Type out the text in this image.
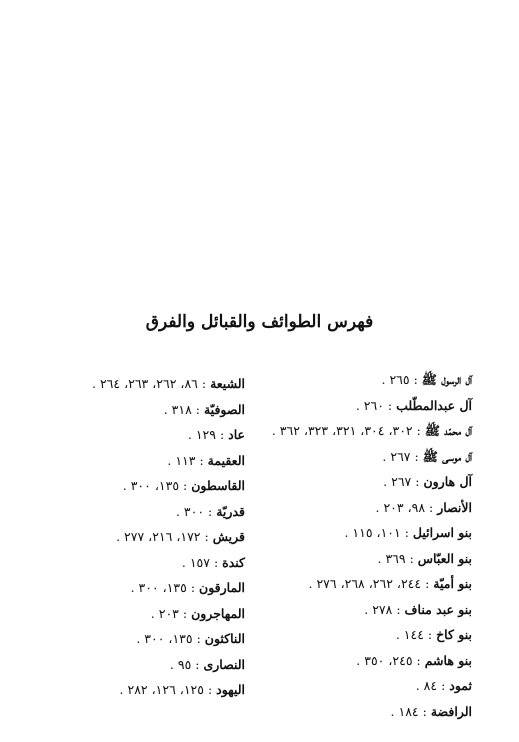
فهرس الطوائف والقبائل والفرق
آل الرسول ﷺ : ٢٦٥ .
آل عبدالمطّلب : ٢٦٠ .
آل محمّد ﷺ : ٣٠٢، ٣٠٤، ٣٢١، ٣٢٣، ٣٦٢ .
آل موسى ﷺ : ٢٦٧ .
آل هارون : ٢٦٧ .
الأنصار : ٩٨، ٢٠٣ .
بنو اسرائيل : ١٠١، ١١٥ .
بنو العبّاس : ٣٦٩ .
بنو أميّة : ٢٤٤، ٢٦٢، ٢٦٨، ٢٧٦ .
بنو عبد مناف : ٢٧٨ .
بنو كاخ : ١٤٤ .
بنو هاشم : ٢٤٥، ٣٥٠ .
ثمود : ٨٤ .
الرافضة : ١٨٤ .
الشيعة : ٨٦، ٢٦٢، ٢٦٣، ٢٦٤ .
الصوفيّة : ٣١٨ .
عاد : ١٢٩ .
العقيمة : ١١٣ .
القاسطون : ١٣٥، ٣٠٠ .
قدريّة : ٣٠٠ .
قريش : ١٧٢، ٢١٦، ٢٧٧ .
كندة : ١٥٧ .
المارقون : ١٣٥، ٣٠٠ .
المهاجرون : ٢٠٣ .
الناكثون : ١٣٥، ٣٠٠ .
النصارى : ٩٥ .
اليهود : ١٢٥، ١٢٦، ٢٨٢ .
